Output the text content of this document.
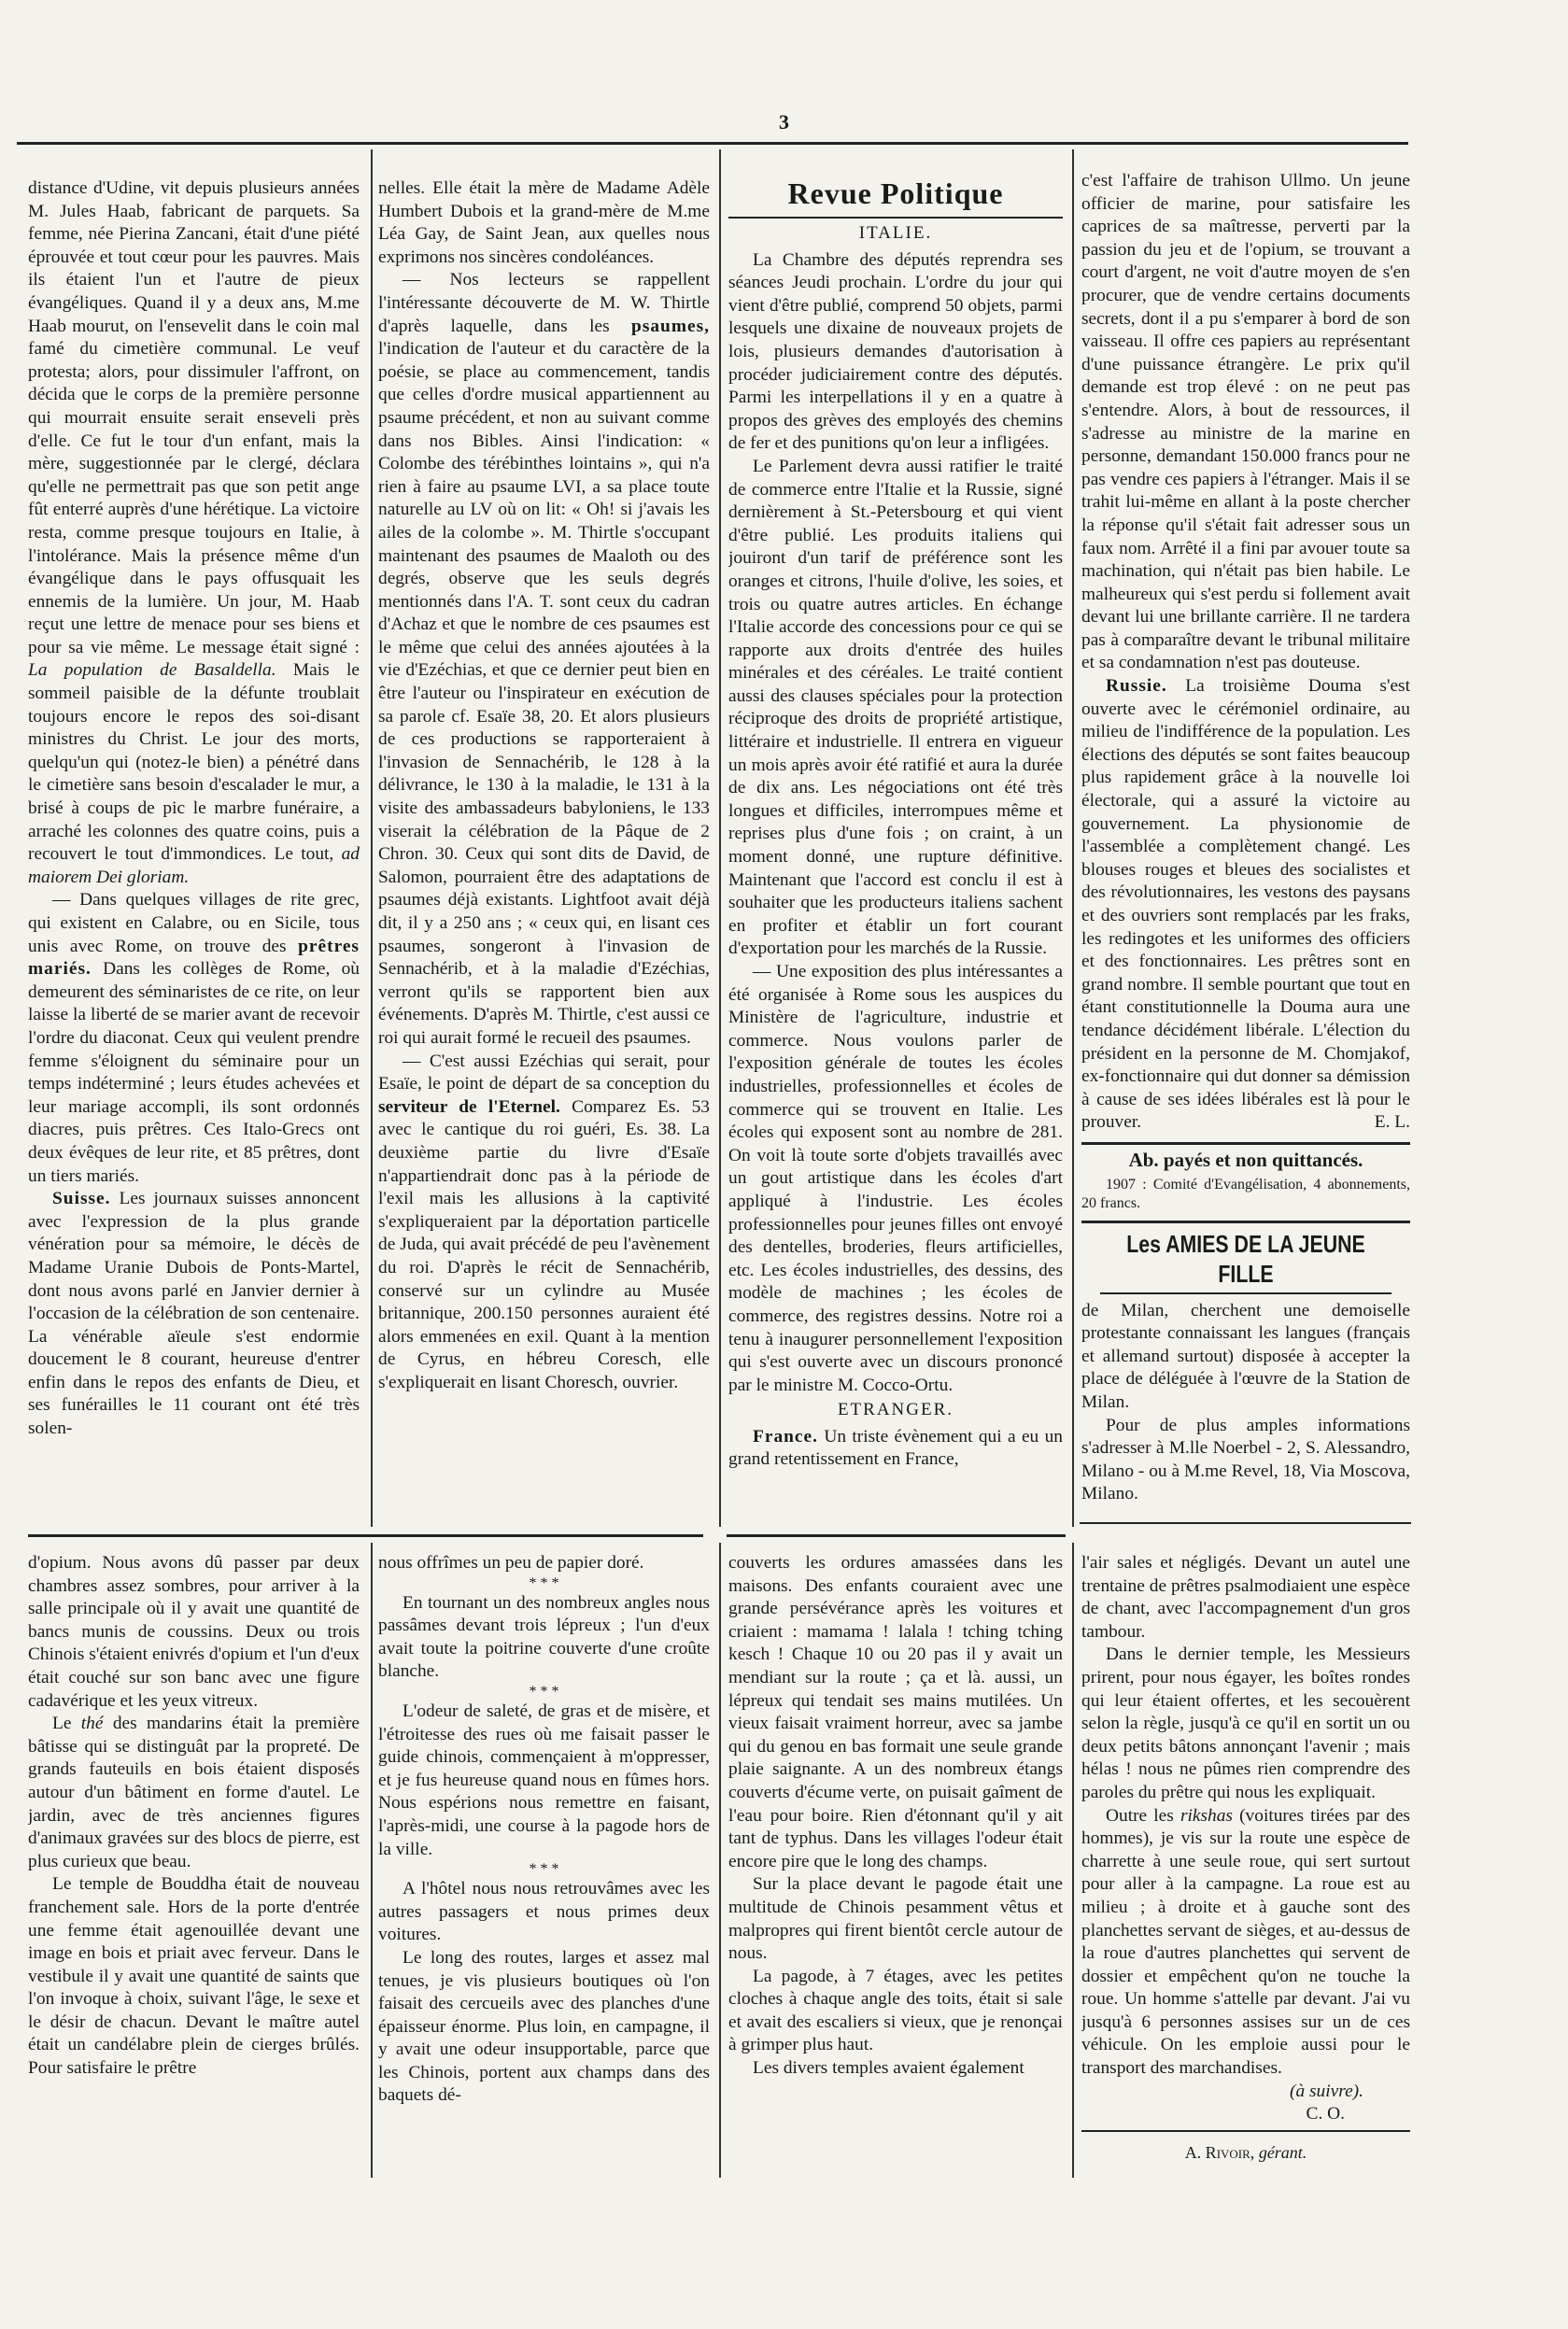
3

distance d'Udine, vit depuis plusieurs années M. Jules Haab, fabricant de parquets. Sa femme, née Pierina Zancani, était d'une piété éprouvée et tout cœur pour les pauvres. Mais ils étaient l'un et l'autre de pieux évangéliques. Quand il y a deux ans, M.me Haab mourut, on l'ensevelit dans le coin mal famé du cimetière communal. Le veuf protesta; alors, pour dissimuler l'affront, on décida que le corps de la première personne qui mourrait ensuite serait enseveli près d'elle. Ce fut le tour d'un enfant, mais la mère, suggestionnée par le clergé, déclara qu'elle ne permettrait pas que son petit ange fût enterré auprès d'une hérétique. La victoire resta, comme presque toujours en Italie, à l'intolérance. Mais la présence même d'un évangélique dans le pays offusquait les ennemis de la lumière. Un jour, M. Haab reçut une lettre de menace pour ses biens et pour sa vie même. Le message était signé : La population de Basaldella. Mais le sommeil paisible de la défunte troublait toujours encore le repos des soi-disant ministres du Christ. Le jour des morts, quelqu'un qui (notez-le bien) a pénétré dans le cimetière sans besoin d'escalader le mur, a brisé à coups de pic le marbre funéraire, a arraché les colonnes des quatre coins, puis a recouvert le tout d'immondices. Le tout, ad maiorem Dei gloriam.

— Dans quelques villages de rite grec, qui existent en Calabre, ou en Sicile, tous unis avec Rome, on trouve des prêtres mariés. Dans les collèges de Rome, où demeurent des séminaristes de ce rite, on leur laisse la liberté de se marier avant de recevoir l'ordre du diaconat. Ceux qui veulent prendre femme s'éloignent du séminaire pour un temps indéterminé ; leurs études achevées et leur mariage accompli, ils sont ordonnés diacres, puis prêtres. Ces Italo-Grecs ont deux évêques de leur rite, et 85 prêtres, dont un tiers mariés.

Suisse. Les journaux suisses annoncent avec l'expression de la plus grande vénération pour sa mémoire, le décès de Madame Uranie Dubois de Ponts-Martel, dont nous avons parlé en Janvier dernier à l'occasion de la célébration de son centenaire. La vénérable aïeule s'est endormie doucement le 8 courant, heureuse d'entrer enfin dans le repos des enfants de Dieu, et ses funérailles le 11 courant ont été très solen-

nelles. Elle était la mère de Madame Adèle Humbert Dubois et la grand-mère de M.me Léa Gay, de Saint Jean, aux quelles nous exprimons nos sincères condoléances.

— Nos lecteurs se rappellent l'intéressante découverte de M. W. Thirtle d'après laquelle, dans les psaumes, l'indication de l'auteur et du caractère de la poésie, se place au commencement, tandis que celles d'ordre musical appartiennent au psaume précédent, et non au suivant comme dans nos Bibles. Ainsi l'indication: « Colombe des térébinthes lointains », qui n'a rien à faire au psaume LVI, a sa place toute naturelle au LV où on lit: « Oh! si j'avais les ailes de la colombe ». M. Thirtle s'occupant maintenant des psaumes de Maaloth ou des degrés, observe que les seuls degrés mentionnés dans l'A. T. sont ceux du cadran d'Achaz et que le nombre de ces psaumes est le même que celui des années ajoutées à la vie d'Ezéchias, et que ce dernier peut bien en être l'auteur ou l'inspirateur en exécution de sa parole cf. Esaïe 38, 20. Et alors plusieurs de ces productions se rapporteraient à l'invasion de Sennachérib, le 128 à la délivrance, le 130 à la maladie, le 131 à la visite des ambassadeurs babyloniens, le 133 viserait la célébration de la Pâque de 2 Chron. 30. Ceux qui sont dits de David, de Salomon, pourraient être des adaptations de psaumes déjà existants. Lightfoot avait déjà dit, il y a 250 ans ; « ceux qui, en lisant ces psaumes, songeront à l'invasion de Sennachérib, et à la maladie d'Ezéchias, verront qu'ils se rapportent bien aux événements. D'après M. Thirtle, c'est aussi ce roi qui aurait formé le recueil des psaumes.

— C'est aussi Ezéchias qui serait, pour Esaïe, le point de départ de sa conception du serviteur de l'Eternel. Comparez Es. 53 avec le cantique du roi guéri, Es. 38. La deuxième partie du livre d'Esaïe n'appartiendrait donc pas à la période de l'exil mais les allusions à la captivité s'expliqueraient par la déportation particelle de Juda, qui avait précédé de peu l'avènement du roi. D'après le récit de Sennachérib, conservé sur un cylindre au Musée britannique, 200.150 personnes auraient été alors emmenées en exil. Quant à la mention de Cyrus, en hébreu Coresch, elle s'expliquerait en lisant Choresch, ouvrier.

Revue Politique
ITALIE.

La Chambre des députés reprendra ses séances Jeudi prochain. L'ordre du jour qui vient d'être publié, comprend 50 objets, parmi lesquels une dixaine de nouveaux projets de lois, plusieurs demandes d'autorisation à procéder judiciairement contre des députés. Parmi les interpellations il y en a quatre à propos des grèves des employés des chemins de fer et des punitions qu'on leur a infligées.

Le Parlement devra aussi ratifier le traité de commerce entre l'Italie et la Russie, signé dernièrement à St.-Petersbourg et qui vient d'être publié. Les produits italiens qui jouiront d'un tarif de préférence sont les oranges et citrons, l'huile d'olive, les soies, et trois ou quatre autres articles. En échange l'Italie accorde des concessions pour ce qui se rapporte aux droits d'entrée des huiles minérales et des céréales. Le traité contient aussi des clauses spéciales pour la protection réciproque des droits de propriété artistique, littéraire et industrielle. Il entrera en vigueur un mois après avoir été ratifié et aura la durée de dix ans. Les négociations ont été très longues et difficiles, interrompues même et reprises plus d'une fois ; on craint, à un moment donné, une rupture définitive. Maintenant que l'accord est conclu il est à souhaiter que les producteurs italiens sachent en profiter et établir un fort courant d'exportation pour les marchés de la Russie.

— Une exposition des plus intéressantes a été organisée à Rome sous les auspices du Ministère de l'agriculture, industrie et commerce. Nous voulons parler de l'exposition générale de toutes les écoles industrielles, professionnelles et écoles de commerce qui se trouvent en Italie. Les écoles qui exposent sont au nombre de 281. On voit là toute sorte d'objets travaillés avec un gout artistique dans les écoles d'art appliqué à l'industrie. Les écoles professionnelles pour jeunes filles ont envoyé des dentelles, broderies, fleurs artificielles, etc. Les écoles industrielles, des dessins, des modèle de machines ; les écoles de commerce, des registres dessins. Notre roi a tenu à inaugurer personnellement l'exposition qui s'est ouverte avec un discours prononcé par le ministre M. Cocco-Ortu.

ETRANGER.

France. Un triste évènement qui a eu un grand retentissement en France,

c'est l'affaire de trahison Ullmo. Un jeune officier de marine, pour satisfaire les caprices de sa maîtresse, perverti par la passion du jeu et de l'opium, se trouvant a court d'argent, ne voit d'autre moyen de s'en procurer, que de vendre certains documents secrets, dont il a pu s'emparer à bord de son vaisseau. Il offre ces papiers au représentant d'une puissance étrangère. Le prix qu'il demande est trop élevé : on ne peut pas s'entendre. Alors, à bout de ressources, il s'adresse au ministre de la marine en personne, demandant 150.000 francs pour ne pas vendre ces papiers à l'étranger. Mais il se trahit lui-même en allant à la poste chercher la réponse qu'il s'était fait adresser sous un faux nom. Arrêté il a fini par avouer toute sa machination, qui n'était pas bien habile. Le malheureux qui s'est perdu si follement avait devant lui une brillante carrière. Il ne tardera pas à comparaître devant le tribunal militaire et sa condamnation n'est pas douteuse.

Russie. La troisième Douma s'est ouverte avec le cérémoniel ordinaire, au milieu de l'indifférence de la population. Les élections des députés se sont faites beaucoup plus rapidement grâce à la nouvelle loi électorale, qui a assuré la victoire au gouvernement. La physionomie de l'assemblée a complètement changé. Les blouses rouges et bleues des socialistes et des révolutionnaires, les vestons des paysans et des ouvriers sont remplacés par les fraks, les redingotes et les uniformes des officiers et des fonctionnaires. Les prêtres sont en grand nombre. Il semble pourtant que tout en étant constitutionnelle la Douma aura une tendance décidément libérale. L'élection du président en la personne de M. Chomjakof, ex-fonctionnaire qui dut donner sa démission à cause de ses idées libérales est là pour le prouver.	E. L.

Ab. payés et non quittancés.

1907 : Comité d'Evangélisation, 4 abonnements, 20 francs.

Les AMIES DE LA JEUNE FILLE

de Milan, cherchent une demoiselle protestante connaissant les langues (français et allemand surtout) disposée à accepter la place de déléguée à l'œuvre de la Station de Milan.

Pour de plus amples informations s'adresser à M.lle Noerbel - 2, S. Alessandro, Milano - ou à M.me Revel, 18, Via Moscova, Milano.

d'opium. Nous avons dû passer par deux chambres assez sombres, pour arriver à la salle principale où il y avait une quantité de bancs munis de coussins. Deux ou trois Chinois s'étaient enivrés d'opium et l'un d'eux était couché sur son banc avec une figure cadavérique et les yeux vitreux.

Le thé des mandarins était la première bâtisse qui se distinguât par la propreté. De grands fauteuils en bois étaient disposés autour d'un bâtiment en forme d'autel. Le jardin, avec de très anciennes figures d'animaux gravées sur des blocs de pierre, est plus curieux que beau.

Le temple de Bouddha était de nouveau franchement sale. Hors de la porte d'entrée une femme était agenouillée devant une image en bois et priait avec ferveur. Dans le vestibule il y avait une quantité de saints que l'on invoque à choix, suivant l'âge, le sexe et le désir de chacun. Devant le maître autel était un candélabre plein de cierges brûlés. Pour satisfaire le prêtre

nous offrîmes un peu de papier doré.

* * *

En tournant un des nombreux angles nous passâmes devant trois lépreux ; l'un d'eux avait toute la poitrine couverte d'une croûte blanche.

* * *

L'odeur de saleté, de gras et de misère, et l'étroitesse des rues où me faisait passer le guide chinois, commençaient à m'oppresser, et je fus heureuse quand nous en fûmes hors. Nous espérions nous remettre en faisant, l'après-midi, une course à la pagode hors de la ville.

* * *

A l'hôtel nous nous retrouvâmes avec les autres passagers et nous primes deux voitures.

Le long des routes, larges et assez mal tenues, je vis plusieurs boutiques où l'on faisait des cercueils avec des planches d'une épaisseur énorme. Plus loin, en campagne, il y avait une odeur insupportable, parce que les Chinois, portent aux champs dans des baquets dé-

couverts les ordures amassées dans les maisons. Des enfants couraient avec une grande persévérance après les voitures et criaient : mamama ! lalala ! tching tching kesch ! Chaque 10 ou 20 pas il y avait un mendiant sur la route ; ça et là. aussi, un lépreux qui tendait ses mains mutilées. Un vieux faisait vraiment horreur, avec sa jambe qui du genou en bas formait une seule grande plaie saignante. A un des nombreux étangs couverts d'écume verte, on puisait gaîment de l'eau pour boire. Rien d'étonnant qu'il y ait tant de typhus. Dans les villages l'odeur était encore pire que le long des champs.

Sur la place devant le pagode était une multitude de Chinois pesamment vêtus et malpropres qui firent bientôt cercle autour de nous.

La pagode, à 7 étages, avec les petites cloches à chaque angle des toits, était si sale et avait des escaliers si vieux, que je renonçai à grimper plus haut.

Les divers temples avaient également

l'air sales et négligés. Devant un autel une trentaine de prêtres psalmodiaient une espèce de chant, avec l'accompagnement d'un gros tambour.

Dans le dernier temple, les Messieurs prirent, pour nous égayer, les boîtes rondes qui leur étaient offertes, et les secouèrent selon la règle, jusqu'à ce qu'il en sortit un ou deux petits bâtons annonçant l'avenir ; mais hélas ! nous ne pûmes rien comprendre des paroles du prêtre qui nous les expliquait.

Outre les rikshas (voitures tirées par des hommes), je vis sur la route une espèce de charrette à une seule roue, qui sert surtout pour aller à la campagne. La roue est au milieu ; à droite et à gauche sont des planchettes servant de sièges, et au-dessus de la roue d'autres planchettes qui servent de dossier et empêchent qu'on ne touche la roue. Un homme s'attelle par devant. J'ai vu jusqu'à 6 personnes assises sur un de ces véhicule. On les emploie aussi pour le transport des marchandises.

(à suivre).
C. O.
A. Rivoir, gérant.
